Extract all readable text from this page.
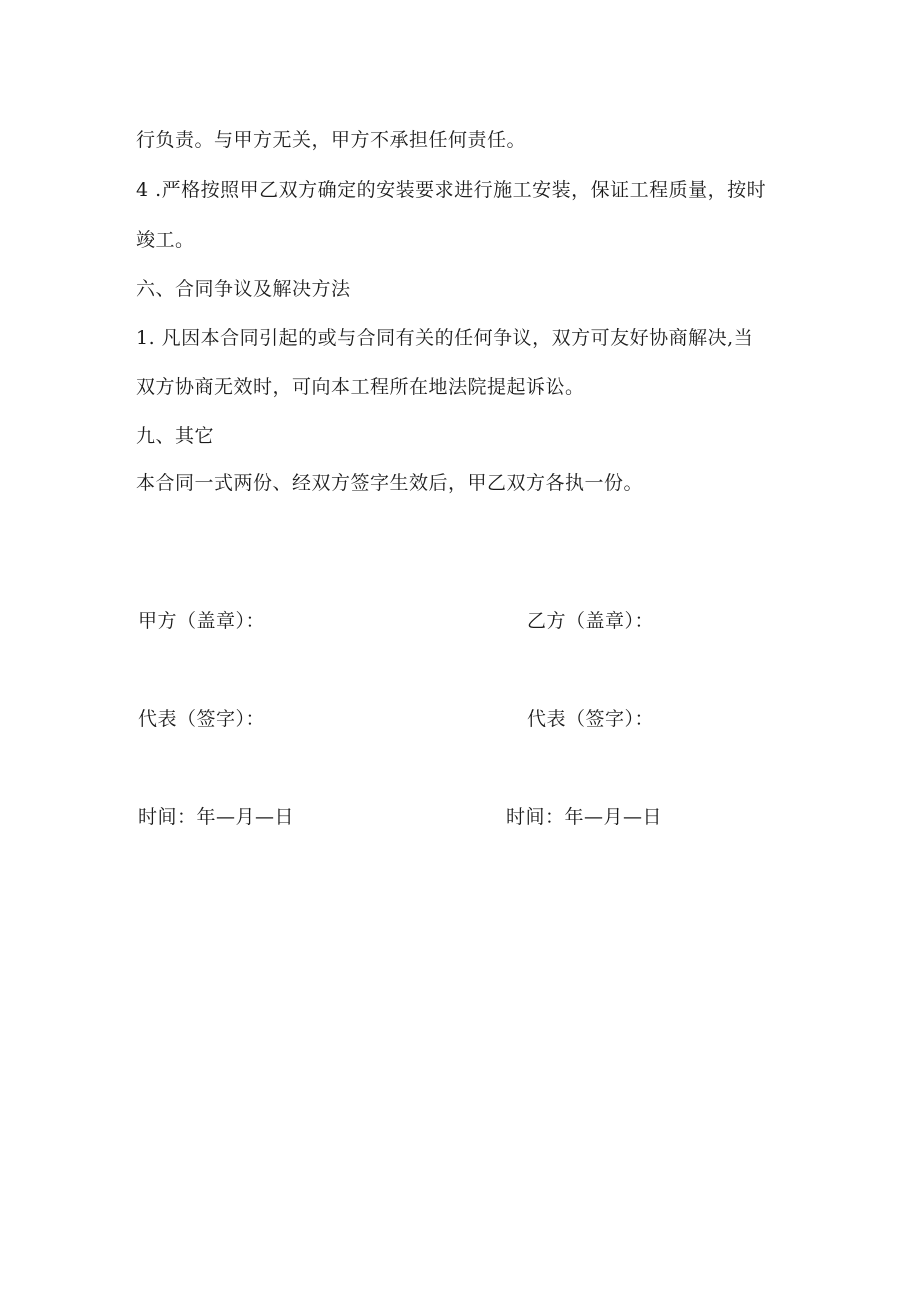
行负责。与甲方无关，甲方不承担任何责任。
4 .严格按照甲乙双方确定的安装要求进行施工安装，保证工程质量，按时
竣工。
六、合同争议及解决方法
1. 凡因本合同引起的或与合同有关的任何争议，双方可友好协商解决,当
双方协商无效时，可向本工程所在地法院提起诉讼。
九、其它
本合同一式两份、经双方签字生效后，甲乙双方各执一份。
甲方（盖章）：	乙方（盖章）：
代表（签字）：	代表（签字）：
时间：年—月—日	时间：年—月—日
